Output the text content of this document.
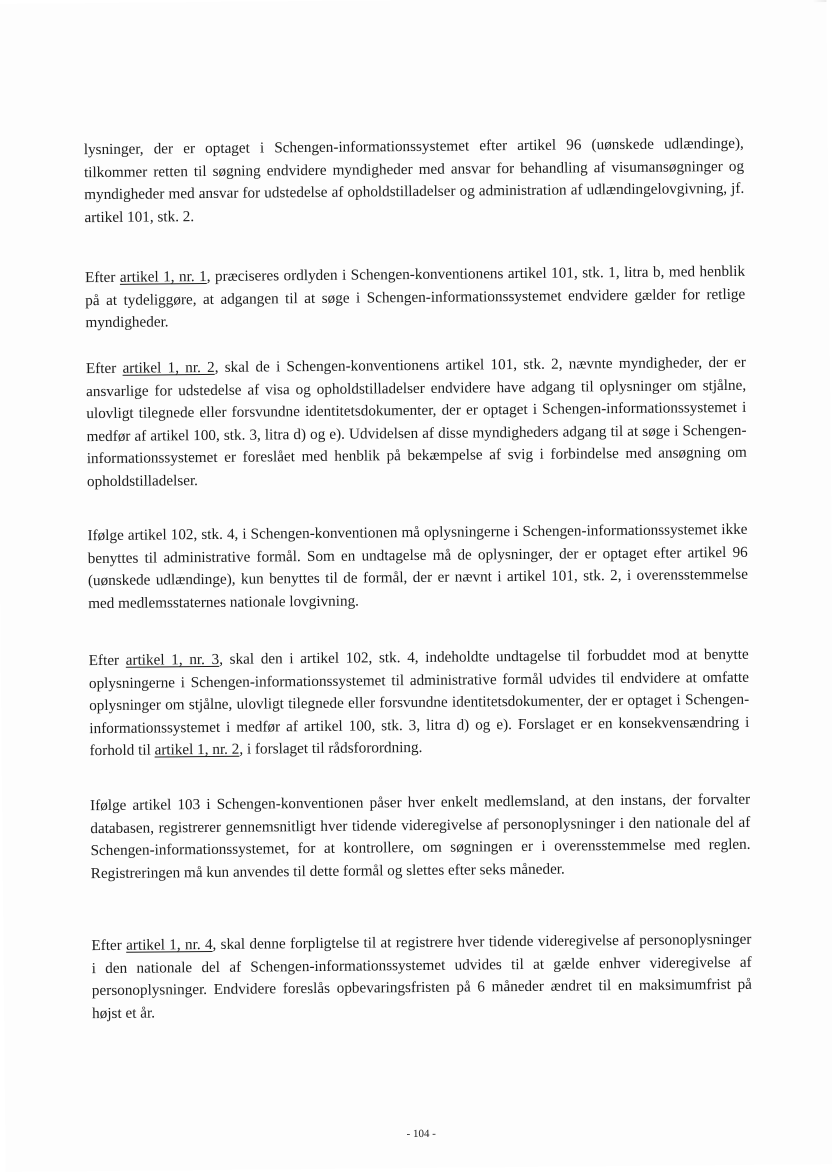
lysninger, der er optaget i Schengen-informationssystemet efter artikel 96 (uønskede udlændinge), tilkommer retten til søgning endvidere myndigheder med ansvar for behandling af visumansøgninger og myndigheder med ansvar for udstedelse af opholdstilladelser og administration af udlændingelovgivning, jf. artikel 101, stk. 2.

Efter artikel 1, nr. 1, præciseres ordlyden i Schengen-konventionens artikel 101, stk. 1, litra b, med henblik på at tydeliggøre, at adgangen til at søge i Schengen-informationssystemet endvidere gælder for retlige myndigheder.

Efter artikel 1, nr. 2, skal de i Schengen-konventionens artikel 101, stk. 2, nævnte myndigheder, der er ansvarlige for udstedelse af visa og opholdstilladelser endvidere have adgang til oplysninger om stjålne, ulovligt tilegnede eller forsvundne identitetsdokumenter, der er optaget i Schengen-informationssystemet i medfør af artikel 100, stk. 3, litra d) og e). Udvidelsen af disse myndigheders adgang til at søge i Schengen-informationssystemet er foreslået med henblik på bekæmpelse af svig i forbindelse med ansøgning om opholdstilladelser.

Ifølge artikel 102, stk. 4, i Schengen-konventionen må oplysningerne i Schengen-informationssystemet ikke benyttes til administrative formål. Som en undtagelse må de oplysninger, der er optaget efter artikel 96 (uønskede udlændinge), kun benyttes til de formål, der er nævnt i artikel 101, stk. 2, i overensstemmelse med medlemsstaternes nationale lovgivning.

Efter artikel 1, nr. 3, skal den i artikel 102, stk. 4, indeholdte undtagelse til forbuddet mod at benytte oplysningerne i Schengen-informationssystemet til administrative formål udvides til endvidere at omfatte oplysninger om stjålne, ulovligt tilegnede eller forsvundne identitetsdokumenter, der er optaget i Schengen-informationssystemet i medfør af artikel 100, stk. 3, litra d) og e). Forslaget er en konsekvensændring i forhold til artikel 1, nr. 2, i forslaget til rådsforordning.

Ifølge artikel 103 i Schengen-konventionen påser hver enkelt medlemsland, at den instans, der forvalter databasen, registrerer gennemsnitligt hver tidende videregivelse af personoplysninger i den nationale del af Schengen-informationssystemet, for at kontrollere, om søgningen er i overensstemmelse med reglen. Registreringen må kun anvendes til dette formål og slettes efter seks måneder.

Efter artikel 1, nr. 4, skal denne forpligtelse til at registrere hver tidende videregivelse af personoplysninger i den nationale del af Schengen-informationssystemet udvides til at gælde enhver videregivelse af personoplysninger. Endvidere foreslås opbevaringsfristen på 6 måneder ændret til en maksimumfrist på højst et år.

- 104 -
